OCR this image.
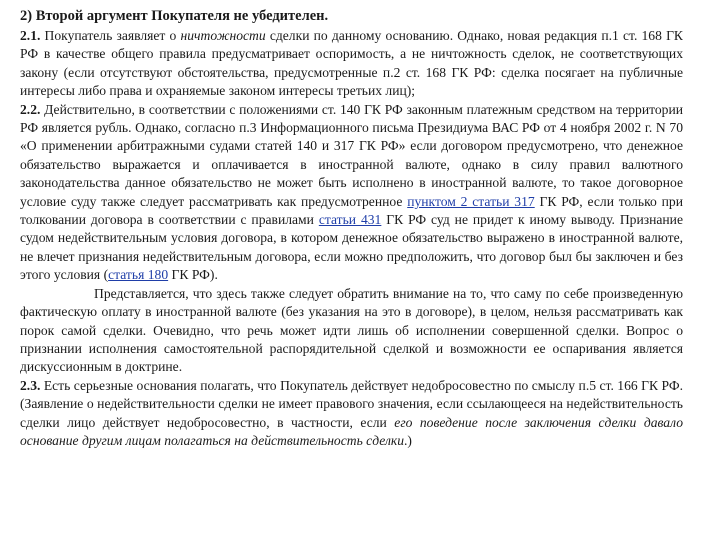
2) Второй аргумент Покупателя не убедителен.

2.1. Покупатель заявляет о ничтожности сделки по данному основанию. Однако, новая редакция п.1 ст. 168 ГК РФ в качестве общего правила предусматривает оспоримость, а не ничтожность сделок, не соответствующих закону (если отсутствуют обстоятельства, предусмотренные п.2 ст. 168 ГК РФ: сделка посягает на публичные интересы либо права и охраняемые законом интересы третьих лиц);

2.2. Действительно, в соответствии с положениями ст. 140 ГК РФ законным платежным средством на территории РФ является рубль. Однако, согласно п.3 Информационного письма Президиума ВАС РФ от 4 ноября 2002 г. N 70 «О применении арбитражными судами статей 140 и 317 ГК РФ» если договором предусмотрено, что денежное обязательство выражается и оплачивается в иностранной валюте, однако в силу правил валютного законодательства данное обязательство не может быть исполнено в иностранной валюте, то такое договорное условие суду также следует рассматривать как предусмотренное пунктом 2 статьи 317 ГК РФ, если только при толковании договора в соответствии с правилами статьи 431 ГК РФ суд не придет к иному выводу. Признание судом недействительным условия договора, в котором денежное обязательство выражено в иностранной валюте, не влечет признания недействительным договора, если можно предположить, что договор был бы заключен и без этого условия (статья 180 ГК РФ).

Представляется, что здесь также следует обратить внимание на то, что саму по себе произведенную фактическую оплату в иностранной валюте (без указания на это в договоре), в целом, нельзя рассматривать как порок самой сделки. Очевидно, что речь может идти лишь об исполнении совершенной сделки. Вопрос о признании исполнения самостоятельной распорядительной сделкой и возможности ее оспаривания является дискуссионным в доктрине.

2.3. Есть серьезные основания полагать, что Покупатель действует недобросовестно по смыслу п.5 ст. 166 ГК РФ. (Заявление о недействительности сделки не имеет правового значения, если ссылающееся на недействительность сделки лицо действует недобросовестно, в частности, если его поведение после заключения сделки давало основание другим лицам полагаться на действительность сделки.)
